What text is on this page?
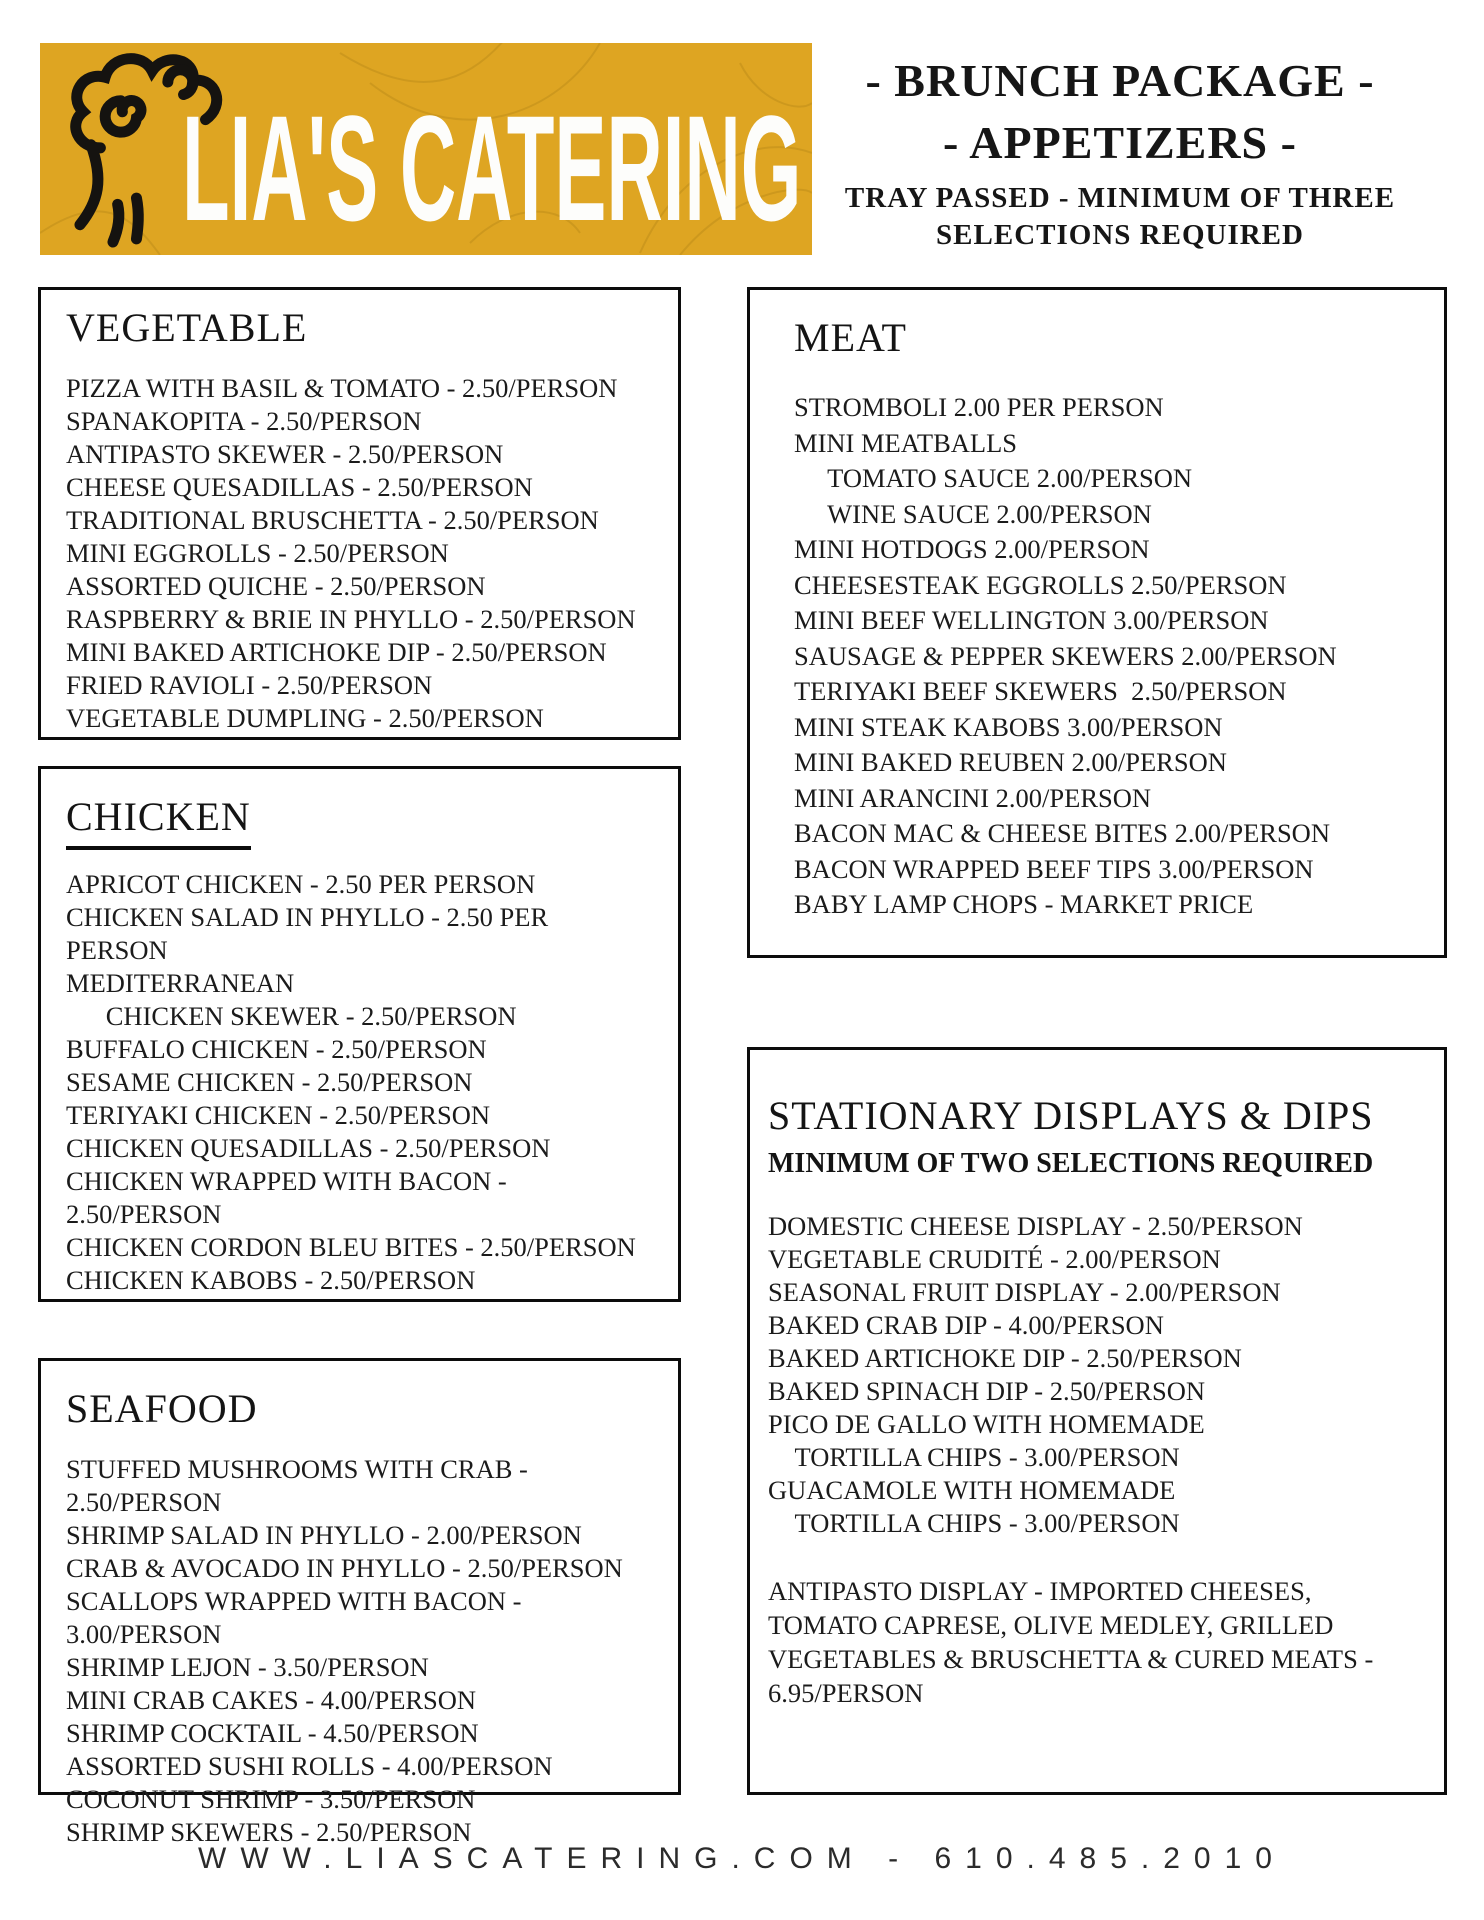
LIA'S CATERING
- BRUNCH PACKAGE -
- APPETIZERS -
TRAY PASSED - MINIMUM OF THREE SELECTIONS REQUIRED
VEGETABLE
PIZZA WITH BASIL & TOMATO - 2.50/PERSON
SPANAKOPITA - 2.50/PERSON
ANTIPASTO SKEWER - 2.50/PERSON
CHEESE QUESADILLAS - 2.50/PERSON
TRADITIONAL BRUSCHETTA - 2.50/PERSON
MINI EGGROLLS - 2.50/PERSON
ASSORTED QUICHE - 2.50/PERSON
RASPBERRY & BRIE IN PHYLLO - 2.50/PERSON
MINI BAKED ARTICHOKE DIP - 2.50/PERSON
FRIED RAVIOLI - 2.50/PERSON
VEGETABLE DUMPLING - 2.50/PERSON
CHICKEN
APRICOT CHICKEN - 2.50 PER PERSON
CHICKEN SALAD IN PHYLLO - 2.50 PER PERSON
MEDITERRANEAN
CHICKEN SKEWER - 2.50/PERSON
BUFFALO CHICKEN - 2.50/PERSON
SESAME CHICKEN - 2.50/PERSON
TERIYAKI CHICKEN - 2.50/PERSON
CHICKEN QUESADILLAS - 2.50/PERSON
CHICKEN WRAPPED WITH BACON - 2.50/PERSON
CHICKEN CORDON BLEU BITES - 2.50/PERSON
CHICKEN KABOBS - 2.50/PERSON
SEAFOOD
STUFFED MUSHROOMS WITH CRAB - 2.50/PERSON
SHRIMP SALAD IN PHYLLO - 2.00/PERSON
CRAB & AVOCADO IN PHYLLO - 2.50/PERSON
SCALLOPS WRAPPED WITH BACON - 3.00/PERSON
SHRIMP LEJON - 3.50/PERSON
MINI CRAB CAKES - 4.00/PERSON
SHRIMP COCKTAIL - 4.50/PERSON
ASSORTED SUSHI ROLLS - 4.00/PERSON
COCONUT SHRIMP - 3.50/PERSON
SHRIMP SKEWERS - 2.50/PERSON
MEAT
STROMBOLI 2.00 PER PERSON
MINI MEATBALLS
TOMATO SAUCE 2.00/PERSON
WINE SAUCE 2.00/PERSON
MINI HOTDOGS 2.00/PERSON
CHEESESTEAK EGGROLLS 2.50/PERSON
MINI BEEF WELLINGTON 3.00/PERSON
SAUSAGE & PEPPER SKEWERS 2.00/PERSON
TERIYAKI BEEF SKEWERS  2.50/PERSON
MINI STEAK KABOBS 3.00/PERSON
MINI BAKED REUBEN 2.00/PERSON
MINI ARANCINI 2.00/PERSON
BACON MAC & CHEESE BITES 2.00/PERSON
BACON WRAPPED BEEF TIPS 3.00/PERSON
BABY LAMP CHOPS - MARKET PRICE
STATIONARY DISPLAYS & DIPS
MINIMUM OF TWO SELECTIONS REQUIRED
DOMESTIC CHEESE DISPLAY - 2.50/PERSON
VEGETABLE CRUDITÉ - 2.00/PERSON
SEASONAL FRUIT DISPLAY - 2.00/PERSON
BAKED CRAB DIP - 4.00/PERSON
BAKED ARTICHOKE DIP - 2.50/PERSON
BAKED SPINACH DIP - 2.50/PERSON
PICO DE GALLO WITH HOMEMADE
TORTILLA CHIPS - 3.00/PERSON
GUACAMOLE WITH HOMEMADE
TORTILLA CHIPS - 3.00/PERSON
ANTIPASTO DISPLAY - IMPORTED CHEESES, TOMATO CAPRESE, OLIVE MEDLEY, GRILLED VEGETABLES & BRUSCHETTA & CURED MEATS - 6.95/PERSON
WWW.LIASCATERING.COM - 610.485.2010
